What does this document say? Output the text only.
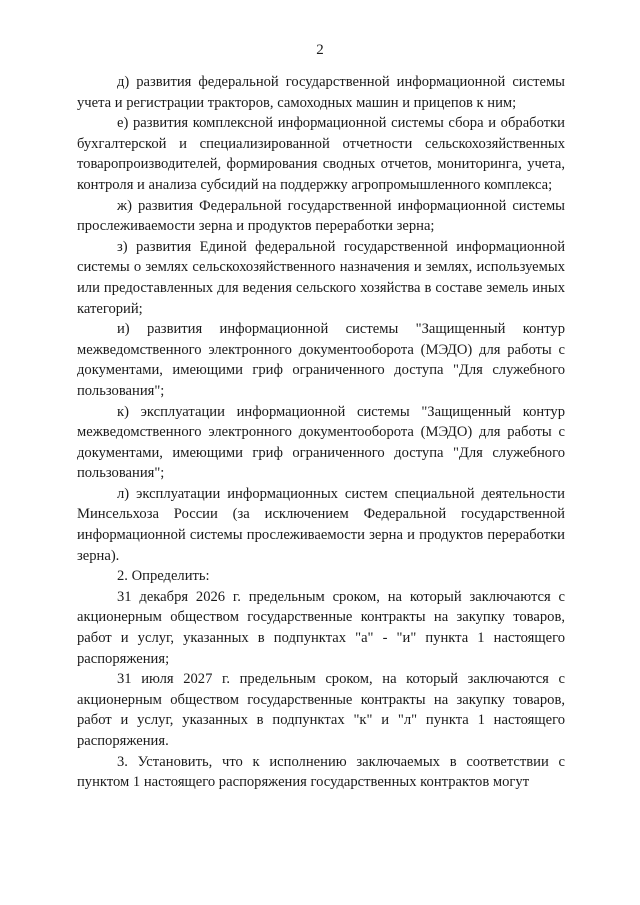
2

д) развития федеральной государственной информационной системы учета и регистрации тракторов, самоходных машин и прицепов к ним;

е) развития комплексной информационной системы сбора и обработки бухгалтерской и специализированной отчетности сельскохозяйственных товаропроизводителей, формирования сводных отчетов, мониторинга, учета, контроля и анализа субсидий на поддержку агропромышленного комплекса;

ж) развития Федеральной государственной информационной системы прослеживаемости зерна и продуктов переработки зерна;

з) развития Единой федеральной государственной информационной системы о землях сельскохозяйственного назначения и землях, используемых или предоставленных для ведения сельского хозяйства в составе земель иных категорий;

и) развития информационной системы "Защищенный контур межведомственного электронного документооборота (МЭДО) для работы с документами, имеющими гриф ограниченного доступа "Для служебного пользования";

к) эксплуатации информационной системы "Защищенный контур межведомственного электронного документооборота (МЭДО) для работы с документами, имеющими гриф ограниченного доступа "Для служебного пользования";

л) эксплуатации информационных систем специальной деятельности Минсельхоза России (за исключением Федеральной государственной информационной системы прослеживаемости зерна и продуктов переработки зерна).

2. Определить:

31 декабря 2026 г. предельным сроком, на который заключаются с акционерным обществом государственные контракты на закупку товаров, работ и услуг, указанных в подпунктах "а" - "и" пункта 1 настоящего распоряжения;

31 июля 2027 г. предельным сроком, на который заключаются с акционерным обществом государственные контракты на закупку товаров, работ и услуг, указанных в подпунктах "к" и "л" пункта 1 настоящего распоряжения.

3. Установить, что к исполнению заключаемых в соответствии с пунктом 1 настоящего распоряжения государственных контрактов могут
